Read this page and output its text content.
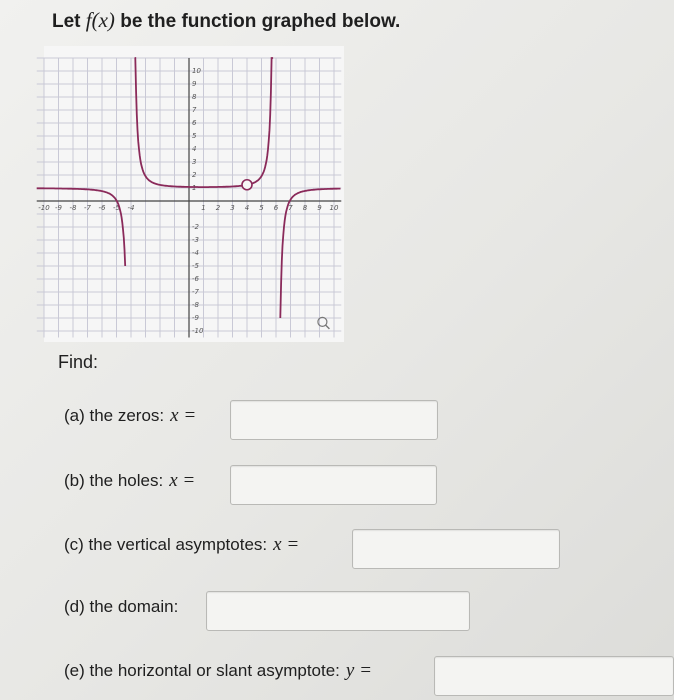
Let f(x) be the function graphed below.
-10 -9 -8 -7 -6 -5 -4	1 2 3 4 5 6 7 8 9 10
10
9
8
7
6
5
4
3
2
1
-2
-3
-4
-5
-6
-7
-8
-9
-10
Find:
(a) the zeros: x =
(b) the holes: x =
(c) the vertical asymptotes: x =
(d) the domain:
(e) the horizontal or slant asymptote: y =
